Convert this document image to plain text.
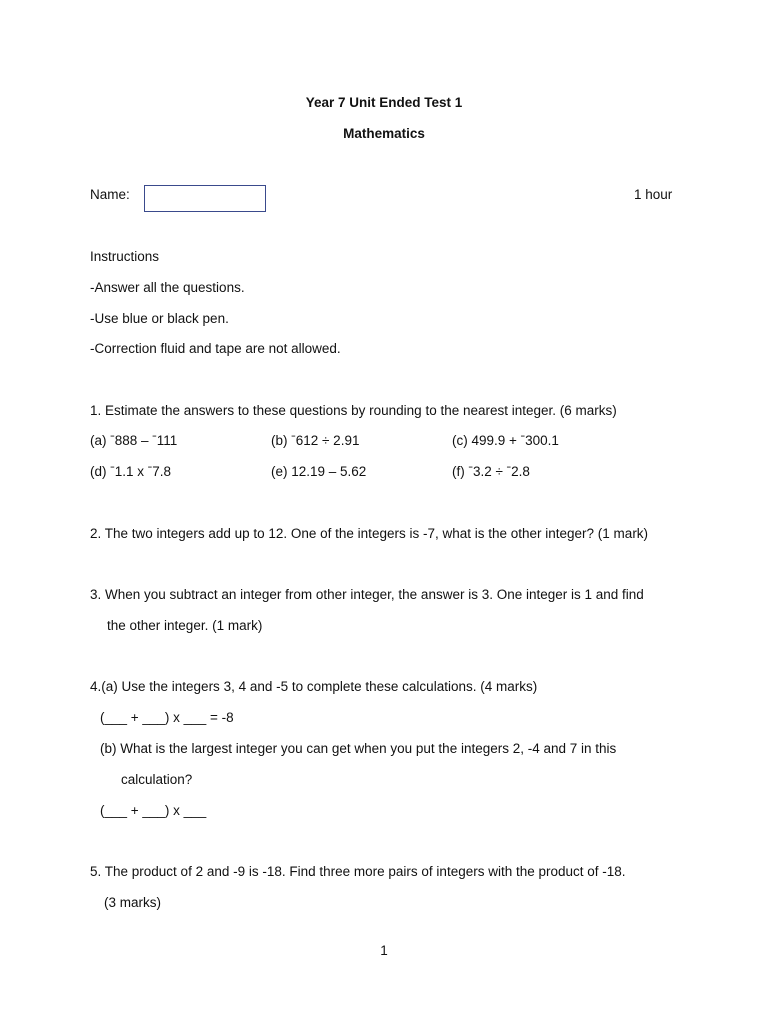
Year 7 Unit Ended Test 1
Mathematics
Name:	1 hour
Instructions
-Answer all the questions.
-Use blue or black pen.
-Correction fluid and tape are not allowed.
1. Estimate the answers to these questions by rounding to the nearest integer. (6 marks)
(a) ˉ888 – ˉ111	(b) ˉ612 ÷ 2.91	(c) 499.9 + ˉ300.1
(d) ˉ1.1 x ˉ7.8	(e) 12.19 – 5.62	(f) ˉ3.2 ÷ ˉ2.8
2. The two integers add up to 12. One of the integers is -7, what is the other integer? (1 mark)
3. When you subtract an integer from other integer, the answer is 3. One integer is 1 and find
the other integer. (1 mark)
4.(a) Use the integers 3, 4 and -5 to complete these calculations. (4 marks)
(___ + ___) x ___ = -8
(b) What is the largest integer you can get when you put the integers 2, -4 and 7 in this
calculation?
(___ + ___) x ___
5. The product of 2 and -9 is -18. Find three more pairs of integers with the product of -18.
(3 marks)
1
